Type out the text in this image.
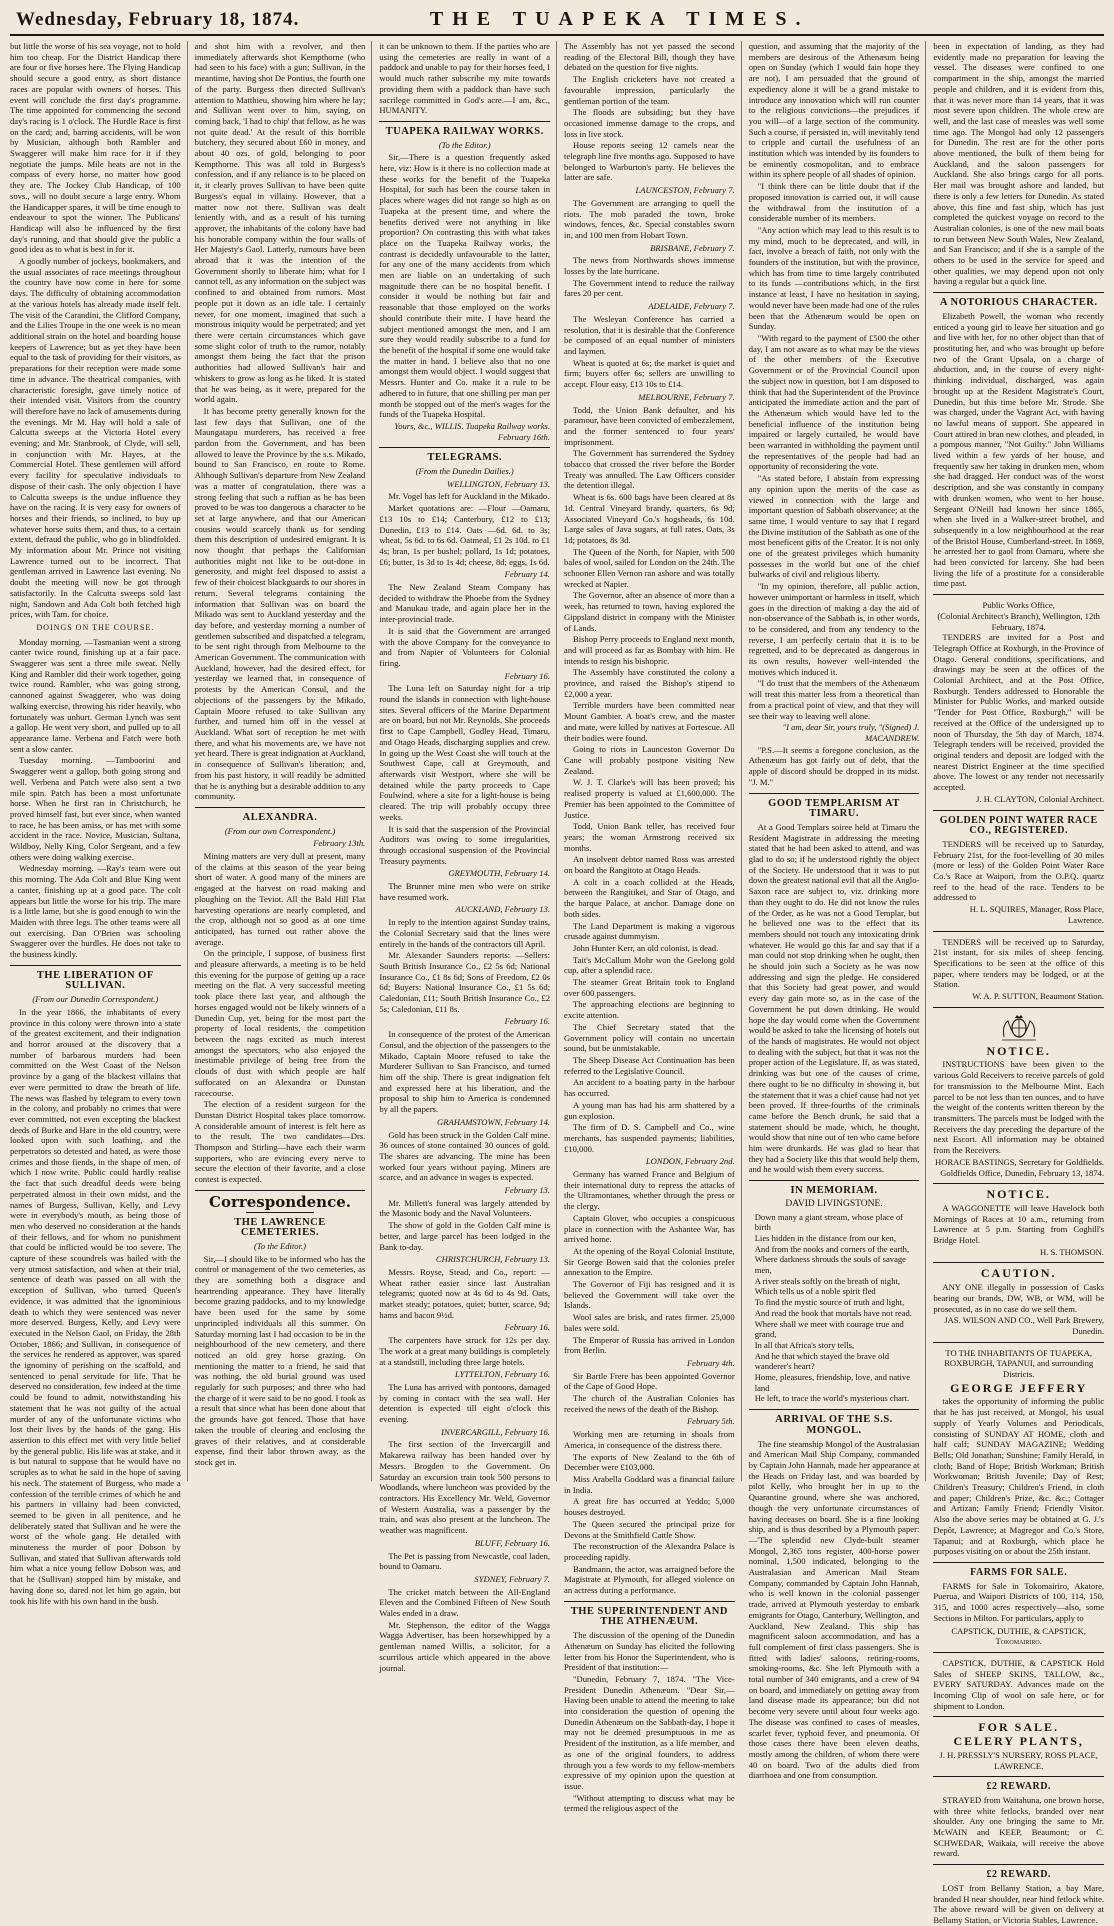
Wednesday, February 18, 1874.	THE TUAPEKA TIMES.

but little the worse of his sea voyage, not to hold him too cheap. For the District Handicap there are four or five horses here. The Flying Handicap should secure a good entry, as short distance races are popular with owners of horses. This event will conclude the first day's programme. The time appointed for commencing the second day's racing is 1 o'clock. The Hurdle Race is first on the card; and, barring accidents, will be won by Musician, although both Rambler and Swaggerer will make him race for it if they negotiate the jumps. Mile heats are not in the compass of every horse, no matter how good they are. The Jockey Club Handicap, of 100 sovs., will no doubt secure a large entry. Whom the Handicapper spares, it will be time enough to endeavour to spot the winner. The Publicans' Handicap will also be influenced by the first day's running, and that should give the public a good idea as to what is best in for it.

A goodly number of jockeys, bookmakers, and the usual associates of race meetings throughout the country have now come in here for some days. The difficulty of obtaining accommodation at the various hotels has already made itself felt. The visit of the Carandini, the Clifford Company, and the Lilies Troupe in the one week is no mean additional strain on the hotel and boarding house keepers of Lawrence; but as yet they have been equal to the task of providing for their visitors, as preparations for their reception were made some time in advance. The theatrical companies, with characteristic foresight, gave timely notice of their intended visit. Visitors from the country will therefore have no lack of amusements during the evenings. Mr M. Hay will hold a sale of Calcutta sweeps at the Victoria Hotel every evening; and Mr. Stanbrook, of Clyde, will sell, in conjunction with Mr. Hayes, at the Commercial Hotel. These gentlemen will afford every facility for speculative individuals to dispose of their cash. The only objection I have to Calcutta sweeps is the undue influence they have on the racing. It is very easy for owners of horses and their friends, so inclined, to buy up whatever horse suits them, and thus, to a certain extent, defraud the public, who go in blindfolded. My information about Mr. Prince not visiting Lawrence turned out to be incorrect. That gentleman arrived in Lawrence last evening. No doubt the meeting will now be got through satisfactorily. In the Calcutta sweeps sold last night, Sandown and Ada Colt both fetched high prices, with Tam. for choice.

DOINGS ON THE COURSE.

Monday morning. —Tasmanian went a strong canter twice round, finishing up at a fair pace. Swaggerer was sent a three mile sweat. Nelly King and Rambler did their work together, going twice round. Rambler, who was going strong, cannoned against Swaggerer, who was doing walking exercise, throwing his rider heavily, who fortunately was unhurt. German Lynch was sent a gallop. He went very short, and pulled up to all appearance lame. Verbena and Fatch were both sent a slow canter.

Tuesday morning. —Tamboorini and Swaggerer went a gallop, both going strong and well. Verbena and Patch were also sent a two mile spin. Patch has been a most unfortunate horse. When he first ran in Christchurch, he proved himself fast, but ever since, when wanted to race, he has been amiss, or has met with some accident in the race. Novice, Musician, Sultana, Wildboy, Nelly King, Color Sergeant, and a few others were doing walking exercise.

Wednesday morning. —Ray's team were out this morning. The Ada Colt and Blue King went a canter, finishing up at a good pace. The colt appears but little the worse for his trip. The mare is a little lame, but she is good enough to win the Maiden with three legs. The other teams were all out exercising. Dan O'Brien was schooling Swaggerer over the hurdles. He does not take to the business kindly.

THE LIBERATION OF SULLIVAN.
(From our Dunedin Correspondent.)

In the year 1866, the inhabitants of every province in this colony were thrown into a state of the greatest excitement, and their indignation and horror aroused at the discovery that a number of barbarous murders had been committed on the West Coast of the Nelson province by a gang of the blackest villains that ever were permitted to draw the breath of life. The news was flashed by telegram to every town in the colony, and probably no crimes that were ever committed, not even excepting the blackest deeds of Burke and Hare in the old country, were looked upon with such loathing, and the perpetrators so detested and hated, as were those crimes and those fiends, in the shape of men, of which I now write. Public could hardly realise the fact that such dreadful deeds were being perpetrated almost in their own midst, and the names of Burgess, Sullivan, Kelly, and Levy were in everybody's mouth, as being those of men who deserved no consideration at the hands of their fellows, and for whom no punishment that could be inflicted would be too severe. The capture of these scoundrels was hailed with the very utmost satisfaction, and when at their trial, sentence of death was passed on all with the exception of Sullivan, who turned Queen's evidence, it was admitted that the ignominious death to which they were sentenced was never more deserved. Burgess, Kelly, and Levy were executed in the Nelson Gaol, on Friday, the 28th October, 1866; and Sullivan, in consequence of the services he rendered as approver, was spared the ignominy of perishing on the scaffold, and sentenced to penal servitude for life. That he deserved no consideration, few indeed at the time could be found to admit, notwithstanding his statement that he was not guilty of the actual murder of any of the unfortunate victims who lost their lives by the hands of the gang. His assertion to this effect met with very little belief by the general public. His life was at stake, and it is but natural to suppose that he would have no scruples as to what he said in the hope of saving his neck. The statement of Burgess, who made a confession of the terrible crimes of which he and his partners in villainy had been convicted, seemed to be given in all penitence, and he deliberately stated that Sullivan and he were the worst of the whole gang. He detailed with minuteness the murder of poor Dobson by Sullivan, and stated that Sullivan afterwards told him what a nice young fellow Dobson was, and that he (Sullivan) stopped him by mistake, and having done so, dared not let him go again, but took his life with his own hand in the bush.

and shot him with a revolver, and then immediately afterwards shot Kempthorne (who had seen to his face) with a gun; Sullivan, in the meantime, having shot De Pontius, the fourth one of the party. Burgess then directed Sullivan's attention to Matthieu, showing him where he lay; and Sullivan went over to him, saying, on coming back, 'I had to chip' that fellow, as he was not quite dead.' At the result of this horrible butchery, they secured about £60 in money, and about 40 ozs. of gold, belonging to poor Kempthorne. This was all told in Burgess's confession, and if any reliance is to be placed on it, it clearly proves Sullivan to have been quite Burgess's equal in villainy. However, that a matter now not there. Sullivan was dealt leniently with, and as a result of his turning approver, the inhabitants of the colony have had his honorable company within the four walls of Her Majesty's Gaol. Latterly, rumours have been abroad that it was the intention of the Government shortly to liberate him; what for I cannot tell, as any information on the subject was confined to and obtained from rumors. Most people put it down as an idle tale. I certainly never, for one moment, imagined that such a monstrous iniquity would be perpetrated; and yet there were certain circumstances which gave some slight color of truth to the rumor, notably amongst them being the fact that the prison authorities had allowed Sullivan's hair and whiskers to grow as long as he liked. It is stated that he was being, as it were, prepared for the world again.

It has become pretty generally known for the last few days that Sullivan, one of the Maungatapu murderers, has received a free pardon from the Government, and has been allowed to leave the Province by the s.s. Mikado, bound to San Francisco, en route to Rome. Although Sullivan's departure from New Zealand was a matter of congratulation, there was a strong feeling that such a ruffian as he has been proved to be was too dangerous a character to be set at large anywhere, and that our American cousins would scarcely thank us for sending them this description of undesired emigrant. It is now thought that perhaps the Californian authorities might not like to be out-done in generosity, and might feel disposed to assist a few of their choicest blackguards to our shores in return. Several telegrams containing the information that Sullivan was on board the Mikado was sent to Auckland yesterday and the day before, and yesterday morning a number of gentlemen subscribed and dispatched a telegram, to be sent right through from Melbourne to the American Government. The communication with Auckland, however, had the desired effect, for yesterday we learned that, in consequence of protests by the American Consul, and the objections of the passengers by the Mikado, Captain Moore refused to take Sullivan any further, and turned him off in the vessel at Auckland. What sort of reception he met with there, and what his movements are, we have not yet heard. There is great indignation at Auckland, in consequence of Sullivan's liberation; and, from his past history, it will readily be admitted that he is anything but a desirable addition to any community.

ALEXANDRA.
(From our own Correspondent.)
February 13th.

Mining matters are very dull at present, many of the claims at this season of the year being short of water. A good many of the miners are engaged at the harvest on road making and ploughing on the Teviot. All the Bald Hill Flat harvesting operations are nearly completed, and the crop, although not so good as at one time anticipated, has turned out rather above the average.

On the principle, I suppose, of business first and pleasure afterwards, a meeting is to be held this evening for the purpose of getting up a race meeting on the flat. A very successful meeting took place there last year, and although the horses engaged would not be likely winners of a Dunedin Cup, yet, being for the most part the property of local residents, the competition between the nags excited as much interest amongst the spectators, who also enjoyed the inestimable privilege of being free from the clouds of dust with which people are half suffocated on an Alexandra or Dunstan racecourse.

The election of a resident surgeon for the Dunstan District Hospital takes place tomorrow. A considerable amount of interest is felt here as to the result. The two candidates—Drs. Thompson and Stirling—have each their warm supporters, who are evincing every nerve to secure the election of their favorite, and a close contest is expected.

Correspondence.
THE LAWRENCE CEMETERIES.
(To the Editor.)

Sir,—I should like to be informed who has the control or management of the two cemeteries, as they are something both a disgrace and heartrending appearance. They have literally become grazing paddocks, and to my knowledge have been used for the same by some unprincipled individuals all this summer. On Saturday morning last I had occasion to be in the neighbourhood of the new cemetery, and there noticed an old grey horse grazing. On mentioning the matter to a friend, he said that was nothing, the old burial ground was used regularly for such purposes; and three who had the charge of it were said to be no good. I took as a result that since what has been done about that the grounds have got fenced. Those that have taken the trouble of clearing and enclosing the graves of their relatives, and at considerable expense, find their labor thrown away, as the stock get in.

it can be unknown to them. If the parties who are using the cemeteries are really in want of a paddock and unable to pay for their horses feed, I would much rather subscribe my mite towards providing them with a paddock than have such sacrilege committed in God's acre.—I am, &c., HUMANITY.

TUAPEKA RAILWAY WORKS.
(To the Editor.)

Sir,—There is a question frequently asked here, viz: How is it there is no collection made at these works for the benefit of the Tuapeka Hospital, for such has been the course taken in places where wages did not range so high as on Tuapeka at the present time, and where the benefits derived were not anything in like proportion? On contrasting this with what takes place on the Tuapeka Railway works, the contrast is decidedly unfavourable to the latter, for any one of the many accidents from which men are liable on an undertaking of such magnitude there can be no hospital benefit. I consider it would be nothing but fair and reasonable that those employed on the works should contribute their mite. I have heard the subject mentioned amongst the men, and I am sure they would readily subscribe to a fund for the benefit of the hospital if some one would take the matter in hand. I believe also that no one amongst them would object. I would suggest that Messrs. Hunter and Co. make it a rule to be adhered to in future, that one shilling per man per month be stopped out of the men's wages for the funds of the Tuapeka Hospital.

Yours, &c., WILLIS. Tuapeka Railway works. February 16th.
TELEGRAMS.
(From the Dunedin Dailies.)
WELLINGTON, February 13.

Mr. Vogel has left for Auckland in the Mikado.

Market quotations are: —Flour —Oamaru, £13 10s to £14; Canterbury, £12 to £13; Dunedin, £13 to £14. Oats —6d. 6d. to 3s; wheat, 5s 6d. to 6s 6d. Oatmeal, £1 2s 10d. to £1 4s; bran, 1s per bushel; pollard, 1s 1d; potatoes, £6; butter, 1s 3d to 1s 4d; cheese, 8d; eggs, 1s 6d.

February 14.

The New Zealand Steam Company has decided to withdraw the Phoebe from the Sydney and Manukau trade, and again place her in the inter-provincial trade.

It is said that the Government are arranged with the above Company for the conveyance to and from Napier of Volunteers for Colonial firing.

February 16.

The Luna left on Saturday night for a trip round the islands in connection with light-house sites. Several officers of the Marine Department are on board, but not Mr. Reynolds. She proceeds first to Cape Campbell, Godley Head, Timaru, and Otago Heads, discharging supplies and crew. In going up the West Coast she will touch at the Southwest Cape, call at Greymouth, and afterwards visit Westport, where she will be detained while the party proceeds to Cape Foulwind, where a site for a light-house is being cleared. The trip will probably occupy three weeks.

It is said that the suspension of the Provincial Auditors was owing to some irregularities, through occasional suspension of the Provincial Treasury payments.

GREYMOUTH, February 14.

The Brunner mine men who were on strike have resumed work.

AUCKLAND, February 13.

In reply to the intention against Sunday trains, the Colonial Secretary said that the lines were entirely in the hands of the contractors till April.

Mr. Alexander Saunders reports: —Sellers: South British Insurance Co., £2 5s 6d; National Insurance Co., £1 8s 6d; Sons of Freedom, £2 0s 6d; Buyers: National Insurance Co., £1 5s 6d; Caledonian, £11; South British Insurance Co., £2 5s; Caledonian, £11 8s.

February 16.

In consequence of the protest of the American Consul, and the objection of the passengers to the Mikado, Captain Moore refused to take the Murderer Sullivan to San Francisco, and turned him off the ship. There is great indignation felt and expressed here at his liberation, and the proposal to ship him to America is condemned by all the papers.

GRAHAMSTOWN, February 14.

Gold has been struck in the Golden Calf mine. 36 ounces of stone contained 30 ounces of gold. The shares are advancing. The mine has been worked four years without paying. Miners are scarce, and an advance in wages is expected.

February 13.

Mr. Millett's funeral was largely attended by the Masonic body and the Naval Volunteers.

The show of gold in the Golden Calf mine is better, and large parcel has been lodged in the Bank to-day.

CHRISTCHURCH, February 13.

Messrs. Royse, Stead, and Co., report: —Wheat rather easier since last Australian telegrams; quoted now at 4s 6d to 4s 9d. Oats, market steady; potatoes, quiet; butter, scarce, 9d; hams and bacon 9½d.

February 16.

The carpenters have struck for 12s per day. The work at a great many buildings is completely at a standstill, including three large hotels.

LYTTELTON, February 16.

The Luna has arrived with pontoons, damaged by coming in contact with the sea wall. Her detention is expected till eight o'clock this evening.

INVERCARGILL, February 16.

The first section of the Invercargill and Makarewa railway has been handed over by Messrs. Brogden to the Government. On Saturday an excursion train took 500 persons to Woodlands, where luncheon was provided by the contractors. His Excellency Mr. Weld, Governor of Western Australia, was a passenger by the train, and was also present at the luncheon. The weather was magnificent.

BLUFF, February 16.

The Pet is passing from Newcastle, coal laden, bound to Oamaru.

SYDNEY, February 7.

The cricket match between the All-England Eleven and the Combined Fifteen of New South Wales ended in a draw.

Mr. Stephenson, the editor of the Wagga Wagga Advertiser, has been horsewhipped by a gentleman named Willis, a solicitor, for a scurrilous article which appeared in the above journal.

The Assembly has not yet passed the second reading of the Electoral Bill, though they have debated on the question for five nights.

The English cricketers have not created a favourable impression, particularly the gentleman portion of the team.

The floods are subsiding; but they have occasioned immense damage to the crops, and loss in live stock.

House reports seeing 12 camels near the telegraph line five months ago. Supposed to have belonged to Warburton's party. He believes the latter are safe.

LAUNCESTON, February 7.

The Government are arranging to quell the riots. The mob paraded the town, broke windows, fences, &c. Special constables sworn in, and 100 men from Hobart Town.

BRISBANE, February 7.

The news from Northwards shows immense losses by the late hurricane.

The Government intend to reduce the railway fares 20 per cent.

ADELAIDE, February 7.

The Wesleyan Conference has carried a resolution, that it is desirable that the Conference be composed of an equal number of ministers and laymen.

Wheat is quoted at 6s; the market is quiet and firm; buyers offer 6s; sellers are unwilling to accept. Flour easy, £13 10s to £14.

MELBOURNE, February 7.

Todd, the Union Bank defaulter, and his paramour, have been convicted of embezzlement, and the former sentenced to four years' imprisonment.

The Government has surrendered the Sydney tobacco that crossed the river before the Border Treaty was annulled. The Law Officers consider the detention illegal.

Wheat is 6s. 600 bags have been cleared at 8s 1d. Central Vineyard brandy, quarters, 6s 9d; Associated Vineyard Co.'s hogsheads, 6s 10d. Large sales of Java sugars, at full rates. Oats, 3s 1d; potatoes, 8s 3d.

The Queen of the North, for Napier, with 500 bales of wool, sailed for London on the 24th. The schooner Ellen Vernon ran ashore and was totally wrecked at Napier.

The Governor, after an absence of more than a week, has returned to town, having explored the Gippsland district in company with the Minister of Lands.

Bishop Perry proceeds to England next month, and will proceed as far as Bombay with him. He intends to resign his bishopric.

The Assembly have constituted the colony a province, and raised the Bishop's stipend to £2,000 a year.

Terrible murders have been committed near Mount Gambier. A boat's crew, and the master and mate, were killed by natives at Fortescue. All their bodies were found.

Going to riots in Launceston Governor Du Cane will probably postpone visiting New Zealand.

W. J. T. Clarke's will has been proved; his realised property is valued at £1,600,000. The Premier has been appointed to the Committee of Justice.

Todd, Union Bank teller, has received four years; the woman Armstrong received six months.

An insolvent debtor named Ross was arrested on board the Rangitoto at Otago Heads.

A colt in a coach collided at the Heads, between the Rangitikei, and Star of Otago, and the barque Palace, at anchor. Damage done on both sides.

The Land Department is making a vigorous crusade against dummyism.

John Hunter Kerr, an old colonist, is dead.

Tait's McCallum Mohr won the Geelong gold cup, after a splendid race.

The steamer Great Britain took to England over 600 passengers.

The approaching elections are beginning to excite attention.

The Chief Secretary stated that the Government policy will contain no uncertain sound, but be unmistakable.

The Sheep Disease Act Continuation has been referred to the Legislative Council.

An accident to a boating party in the harbour has occurred.

A young man has had his arm shattered by a gun explosion.

The firm of D. S. Campbell and Co., wine merchants, has suspended payments; liabilities, £10,000.

LONDON, February 2nd.

Germany has warned France and Belgium of their international duty to repress the attacks of the Ultramontanes, whether through the press or the clergy.

Captain Glover, who occupies a conspicuous place in connection with the Ashantee War, has arrived home.

At the opening of the Royal Colonial Institute, Sir George Bowen said that the colonies prefer annexation to the Empire.

The Governor of Fiji has resigned and it is believed the Government will take over the Islands.

Wool sales are brisk, and rates firmer. 25,000 bales were sold.

The Emperor of Russia has arrived in London from Berlin.

February 4th.

Sir Bartle Frere has been appointed Governor of the Cape of Good Hope.

The church of the Australian Colonies has received the news of the death of the Bishop.

February 5th.

Working men are returning in shoals from America, in consequence of the distress there.

The exports of New Zealand to the 6th of December were £103,000.

Miss Arabella Goddard was a financial failure in India.

A great fire has occurred at Yeddo; 5,000 houses destroyed.

The Queen secured the principal prize for Devons at the Smithfield Cattle Show.

The reconstruction of the Alexandra Palace is proceeding rapidly.

Bandmann, the actor, was arraigned before the Magistrate at Plymouth, for alleged violence on an actress during a performance.

THE SUPERINTENDENT AND THE ATHENÆUM.

The discussion of the opening of the Dunedin Athenæum on Sunday has elicited the following letter from his Honor the Superintendent, who is President of that institution:—

"Dunedin, February 7, 1874. "The Vice-President Dunedin Athenæum. "Dear Sir,—Having been unable to attend the meeting to take into consideration the question of opening the Dunedin Athenæum on the Sabbath-day, I hope it may not be deemed presumptuous in me as President of the institution, as a life member, and as one of the original founders, to address through you a few words to my fellow-members expressive of my opinion upon the question at issue.

"Without attempting to discuss what may be termed the religious aspect of the

question, and assuming that the majority of the members are desirous of the Athenæum being open on Sunday (which I would fain hope they are not), I am persuaded that the ground of expediency alone it will be a grand mistake to introduce any innovation which will run counter to the religious convictions—the prejudices if you will—of a large section of the community. Such a course, if persisted in, will inevitably tend to cripple and curtail the usefulness of an institution which was intended by its founders to be eminently cosmopolitan, and to embrace within its sphere people of all shades of opinion.

"I think there can be little doubt that if the proposed innovation is carried out, it will cause the withdrawal from the institution of a considerable number of its members.

"Any action which may lead to this result is to my mind, much to be deprecated, and will, in fact, involve a breach of faith, not only with the founders of the institution, but with the province, which has from time to time largely contributed to its funds —contributions which, in the first instance at least, I have no hesitation in saying, would never have been made had one of the rules been that the Athenæum would be open on Sunday.

"With regard to the payment of £500 the other day, I am not aware as to what may be the views of the other members of the Executive Government or of the Provincial Council upon the subject now in question, but I am disposed to think that had the Superintendent of the Province anticipated the immediate action and the part of the Athenæum which would have led to the beneficial influence of the institution being impaired or largely curtailed, he would have been warranted in withholding the payment until the representatives of the people had had an opportunity of reconsidering the vote.

"As stated before, I abstain from expressing any opinion upon the merits of the case as viewed in connection with the large and important question of Sabbath observance; at the same time, I would venture to say that I regard the Divine institution of the Sabbath as one of the most beneficent gifts of the Creator. It is not only one of the greatest privileges which humanity possesses in the world but one of the chief bulwarks of civil and religious liberty.

"In my opinion, therefore, all public action, however unimportant or harmless in itself, which goes in the direction of making a day the aid of non-observance of the Sabbath is, in other words, to be considered, and from any tendency to the reverse, I am perfectly certain that it is to be regretted, and to be deprecated as dangerous in its own results, however well-intended the motives which induced it.

"I do trust that the members of the Athenæum will treat this matter less from a theoretical than from a practical point of view, and that they will see their way to leaving well alone.

"I am, dear Sir, yours truly, "(Signed) J. MACANDREW.

"P.S.—It seems a foregone conclusion, as the Athenæum has got fairly out of debt, that the apple of discord should be dropped in its midst. "J. M."

GOOD TEMPLARISM AT TIMARU.

At a Good Templars soiree held at Timaru the Resident Magistrate in addressing the meeting stated that he had been asked to attend, and was glad to do so; if he understood rightly the object of the Society. He understood that it was to put down the greatest national evil that all the Anglo-Saxon race are subject to, viz. drinking more than they ought to do. He did not know the rules of the Order, as he was not a Good Templar, but he believed one was to the effect that its members should not touch any intoxicating drink whatever. He would go this far and say that if a man could not stop drinking when he ought, then he should join such a Society as he was now addressing and sign the pledge. He considered that this Society had great power, and would every day gain more so, as in the case of the Government he put down drinking. He would hope the day would come when the Government would be asked to take the licensing of hotels out of the hands of magistrates. He would not object to dealing with the subject, but that it was not the proper action of the Legislature. If, as was stated, drinking was but one of the causes of crime, there ought to be no difficulty in showing it, but the statement that it was a chief cause had not yet been proved. If three-fourths of the criminals came before the Bench drunk, he said that a statement should be made, which, he thought, would show that nine out of ten who came before him were drunkards. He was glad to hear that they had a Society like this that would help them, and he would wish them every success.

IN MEMORIAM.
DAVID LIVINGSTONE.
Down many a giant stream, whose place of birth
Lies hidden in the distance from our ken,
And from the nooks and corners of the earth,
Where darkness shrouds the souls of savage men,
A river steals softly on the breath of night,
Which tells us of a noble spirit fled
To find the mystic source of truth and light,
And read the book that mortals have not read.
Where shall we meet with courage true and grand,
In all that Africa's story tells,
And he that which stayed the brave old wanderer's heart?
Home, pleasures, friendship, love, and native land
He left, to trace the world's mysterious chart.
ARRIVAL OF THE S.S. MONGOL.

The fine steamship Mongol of the Australasian and American Mail Ship Company, commanded by Captain John Hannah, made her appearance at the Heads on Friday last, and was boarded by pilot Kelly, who brought her in up to the Quarantine ground, where she was anchored, though the very unfortunate circumstances of having deceases on board. She is a fine looking ship, and is thus described by a Plymouth paper: —'The splendid new Clyde-built steamer Mongol, 2,365 tons register, 400-horse power nominal, 1,500 indicated, belonging to the Australasian and American Mail Steam Company, commanded by Captain John Hannah, who is well known in the colonial passenger trade, arrived at Plymouth yesterday to embark emigrants for Otago, Canterbury, Wellington, and Auckland, New Zealand. This ship has magnificent saloon accommodation, and has a full complement of first class passengers. She is fitted with ladies' saloons, retiring-rooms, smoking-rooms, &c. She left Plymouth with a total number of 340 emigrants, and a crew of 94 on board, and immediately on getting away from land disease made its appearance; but did not become very severe until about four weeks ago. The disease was confined to cases of measles, scarlet fever, typhoid fever, and pneumonia. Of those cases there have been eleven deaths, mostly among the children, of whom there were 40 on board. Two of the adults died from diarrhoea and one from consumption.

been in expectation of landing, as they had evidently made no preparation for leaving the vessel. The diseases were confined to one compartment in the ship, amongst the married people and children, and it is evident from this, that it was never more than 14 years, that it was most severe upon children. The whole crew are well, and the last case of measles was well some time ago. The Mongol had only 12 passengers for Dunedin. The rest are for the other ports above mentioned, the bulk of them being for Auckland, and the saloon passengers for Auckland. She also brings cargo for all ports. Her mail was brought ashore and landed, but there is only a few letters for Dunedin. As stated above, this fine and fast ship, which has just completed the quickest voyage on record to the Australian colonies, is one of the new mail boats to run between New South Wales, New Zealand, and San Francisco; and if she is a sample of the others to be used in the service for speed and other qualities, we may depend upon not only having a regular but a quick line.

A NOTORIOUS CHARACTER.

Elizabeth Powell, the woman who recently enticed a young girl to leave her situation and go and live with her, for no other object than that of prostituting her, and who was brought up before two of the Grant Upsala, on a charge of abduction, and, in the course of every night-thinking individual, discharged, was again brought up at the Resident Magistrate's Court, Dunedin, but this time before Mr. Strode. She was charged, under the Vagrant Act, with having no lawful means of support. She appeared in Court attired in bran new clothes, and pleaded, in a pompous manner, "Not Guilty." John Williams lived within a few yards of her house, and frequently saw her taking in drunken men, whom she had dragged. Her conduct was of the worst description, and she was constantly in company with drunken women, who went to her house. Sergeant O'Neill had known her since 1865, when she lived in a Walker-street brothel, and subsequently in a low neighbourhood at the rear of the Bristol House, Cumberland-street. In 1869, he arrested her to gaol from Oamaru, where she had been convicted for larceny. She had been living the life of a prostitute for a considerable time past.

Public Works Office,
(Colonial Architect's Branch), Wellington, 12th February, 1874.

TENDERS are invited for a Post and Telegraph Office at Roxburgh, in the Province of Otago. General conditions, specifications, and drawings may be seen at the offices of the Colonial Architect, and at the Post Office, Roxburgh. Tenders addressed to Honorable the Minister for Public Works, and marked outside "Tender for Post Office, Roxburgh," will be received at the Office of the undersigned up to noon of Thursday, the 5th day of March, 1874. Telegraph tenders will be received, provided the original tenders and deposit are lodged with the nearest District Engineer at the time specified above. The lowest or any tender not necessarily accepted.

J. H. CLAYTON, Colonial Architect.
GOLDEN POINT WATER RACE CO., REGISTERED.

TENDERS will be received up to Saturday, February 21st, for the foot-levelling of 30 miles (more or less) of the Golden Point Water Race Co.'s Race at Waipori, from the O.P.Q. quartz reef to the head of the race. Tenders to be addressed to

H. L. SQUIRES, Manager, Ross Place, Lawrence.

TENDERS will be received up to Saturday, 21st instant, for six miles of sheep fencing. Specifications to be seen at the office of this paper, where tenders may be lodged, or at the Station.

W. A. P. SUTTON, Beaumont Station.
NOTICE.

INSTRUCTIONS have been given to the various Gold Receivers to receive parcels of gold for transmission to the Melbourne Mint. Each parcel to be not less than ten ounces, and to have the weight of the contents written thereon by the transmitters. The parcels must be lodged with the Receivers the day preceding the departure of the next Escort. All information may be obtained from the Receivers.

HORACE BASTINGS, Secretary for Goldfields. Goldfields Office, Dunedin, February 13, 1874.
NOTICE.

A WAGGONETTE will leave Havelock both Mornings of Races at 10 a.m., returning from Lawrence at 5 p.m. Starting from Coghill's Bridge Hotel.

H. S. THOMSON.
CAUTION.

ANY ONE illegally in possession of Casks bearing our brands, DW, WB, or WM, will be prosecuted, as in no case do we sell them.

JAS. WILSON AND CO., Well Park Brewery, Dunedin.
TO THE INHABITANTS OF TUAPEKA, ROXBURGH, TAPANUI, and surrounding Districts.
GEORGE JEFFERY

takes the opportunity of informing the public that he has just received, at Mongol, his usual supply of Yearly Volumes and Periodicals, consisting of SUNDAY AT HOME, cloth and half calf; SUNDAY MAGAZINE; Wedding Bells; Old Jonathan; Sunshine; Family Herald, in cloth; Band of Hope; British Workman; British Workwoman; British Juvenile; Day of Rest; Children's Treasury; Children's Friend, in cloth and paper; Children's Prize, &c. &c.; Cottager and Artizan; Family Friend; Friendly Visitor. Also the above series may be obtained at G. J.'s Depôt, Lawrence; at Magregor and Co.'s Store, Tapanui; and at Roxburgh, which place he purposes visiting on or about the 25th instant.

FARMS FOR SALE.

FARMS for Sale in Tokomairiro, Akatore, Puerua, and Waipori Districts of 100, 114, 150, 315, and 1000 acres respectively—also, some Sections in Milton. For particulars, apply to

CAPSTICK, DUTHIE, & CAPSTICK, Tokomairiro.

CAPSTICK, DUTHIE, & CAPSTICK Hold Sales of SHEEP SKINS, TALLOW, &c., EVERY SATURDAY. Advances made on the Incoming Clip of wool on sale here, or for shipment to London.

FOR SALE.
CELERY PLANTS,
J. H. PRESSLY'S NURSERY, ROSS PLACE, LAWRENCE.
£2 REWARD.

STRAYED from Waitahuna, one brown horse, with three white fetlocks, branded over near shoulder. Any one bringing the same to Mr. McWAIN and KEEP, Beaumont; or C. SCHWEDAR, Waikaia, will receive the above reward.

£2 REWARD.

LOST from Bellamy Station, a bay Mare, branded H near shoulder, near hind fetlock white. The above reward will be given on delivery at Bellamy Station, or Victoria Stables, Lawrence.
